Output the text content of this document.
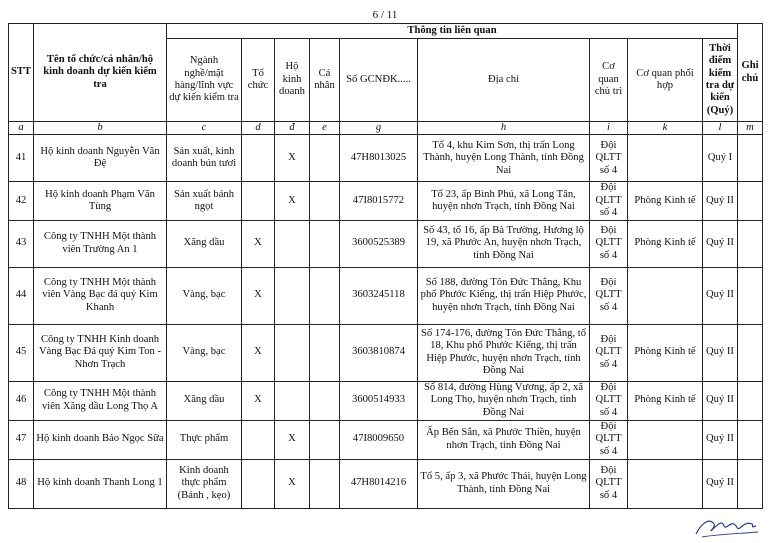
6 / 11
STT	Tên tổ chức/cá nhân/hộ kinh doanh dự kiến kiểm tra	Thông tin liên quan									Ghi chú
		Ngành nghề/mặt hàng/lĩnh vực dự kiến kiểm tra	Tổ chức	Hộ kinh doanh	Cá nhân	Số GCNĐK.....	Địa chỉ	Cơ quan chủ trì	Cơ quan phối hợp	Thời điểm kiểm tra dự kiến (Quý)	
a	b	c	d	đ	e	g	h	i	k	l	m
41	Hộ kinh doanh Nguyễn Văn Đệ	Sản xuất, kinh doanh bún tươi		X		47H8013025	Tổ 4, khu Kim Sơn, thị trấn Long Thành, huyện Long Thành, tỉnh Đồng Nai	Đội QLTT số 4		Quý I	
42	Hộ kinh doanh Phạm Văn Tùng	Sản xuất bánh ngọt		X		47I8015772	Tổ 23, ấp Bình Phú, xã Long Tân, huyện nhơn Trạch, tỉnh Đồng Nai	Đội QLTT số 4	Phòng Kinh tế	Quý II	
43	Công ty TNHH Một thành viên Trường An 1	Xăng dầu	X			3600525389	Số 43, tổ 16, ấp Bà Trường, Hương lộ 19, xã Phước An, huyện nhơn Trạch, tỉnh Đồng Nai	Đội QLTT số 4	Phòng Kinh tế	Quý II	
44	Công ty TNHH Một thành viên Vàng Bạc đá quý Kim Khanh	Vàng, bạc	X			3603245118	Số 188, đường Tôn Đức Thắng, Khu phố Phước Kiểng, thị trấn Hiệp Phước, huyện nhơn Trạch, tỉnh Đồng Nai	Đội QLTT số 4		Quý II	
45	Công ty TNHH Kinh doanh Vàng Bạc Đá quý Kim Ton - Nhơn Trạch	Vàng, bạc	X			3603810874	Số 174-176, đường Tôn Đức Thắng, tổ 18, Khu phố Phước Kiểng, thị trấn Hiệp Phước, huyện nhơn Trạch, tỉnh Đồng Nai	Đội QLTT số 4	Phòng Kinh tế	Quý II	
46	Công ty TNHH Một thành viên Xăng dầu Long Thọ A	Xăng dầu	X			3600514933	Số 814, đường Hùng Vương, ấp 2, xã Long Thọ, huyện nhơn Trạch, tỉnh Đồng Nai	Đội QLTT số 4	Phòng Kinh tế	Quý II	
47	Hộ kinh doanh Bảo Ngọc Sữa	Thực phẩm		X		47I8009650	Ấp Bến Sắn, xã Phước Thiền, huyện nhơn Trạch, tỉnh Đồng Nai	Đội QLTT số 4		Quý II	
48	Hộ kinh doanh Thanh Long 1	Kinh doanh thực phẩm (Bánh , kẹo)		X		47H8014216	Tổ 5, ấp 3, xã Phước Thái, huyện Long Thành, tỉnh Đồng Nai	Đội QLTT số 4		Quý II	
